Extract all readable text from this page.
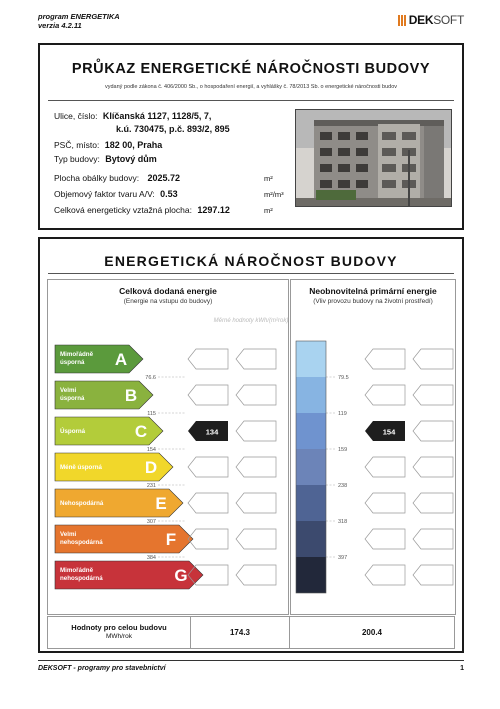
program ENERGETIKA
verzia 4.2.11	DEKSOFT
PRŮKAZ ENERGETICKÉ NÁROČNOSTI BUDOVY
vydaný podle zákona č. 406/2000 Sb., o hospodaření energií, a vyhlášky č. 78/2013 Sb. o energetické náročnosti budov
Ulice, číslo: Klíčanská 1127, 1128/5, 7,
k.ú. 730475, p.č. 893/2, 895
PSČ, místo: 182 00, Praha
Typ budovy: Bytový dům
Plocha obálky budovy: 2025.72	m²
Objemový faktor tvaru A/V: 0.53	m²/m³
Celková energeticky vztažná plocha: 1297.12	m²
ENERGETICKÁ NÁROČNOST BUDOVY
Celková dodaná energie
(Energie na vstupu do budovy)
Měrné hodnoty kWh/(m²rok)
Neobnovitelná primární energie
(Vliv provozu budovy na životní prostředí)
Mimořádně
úsporná A
76.6	79.5
Velmi
úsporná B
115	119
Úsporná	C
154	159
134	154
Méně úsporná	D
231	238
Nehospodárná	E
307	318
Velmi
nehospodárná	F
384	397
Mimořádně
nehospodárná	G
Hodnoty pro celou budovu
MWh/rok	174.3	200.4
DEKSOFT - programy pro stavebnictví	1
